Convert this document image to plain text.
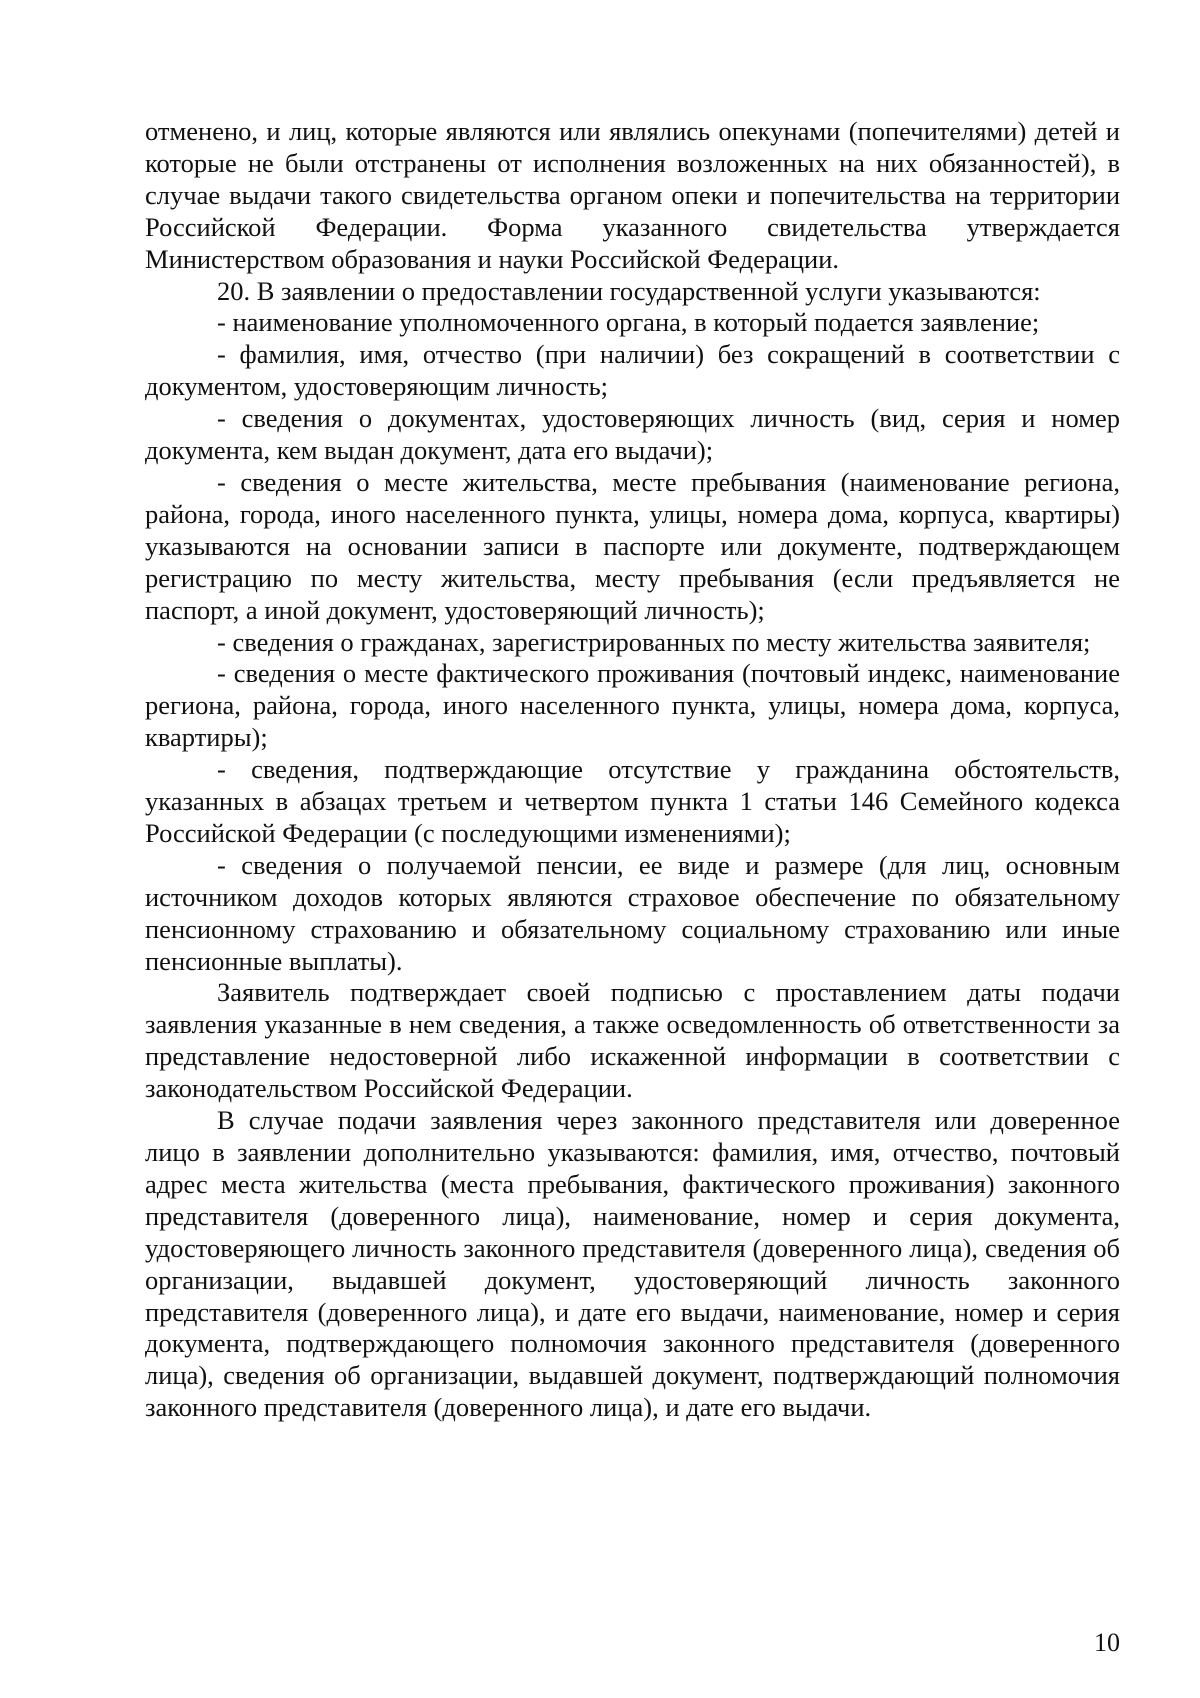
отменено, и лиц, которые являются или являлись опекунами (попечителями) детей и которые не были отстранены от исполнения возложенных на них обязанностей), в случае выдачи такого свидетельства органом опеки и попечительства на территории Российской Федерации. Форма указанного свидетельства утверждается Министерством образования и науки Российской Федерации.

20. В заявлении о предоставлении государственной услуги указываются:

- наименование уполномоченного органа, в который подается заявление;

- фамилия, имя, отчество (при наличии) без сокращений в соответствии с документом, удостоверяющим личность;

- сведения о документах, удостоверяющих личность (вид, серия и номер документа, кем выдан документ, дата его выдачи);

- сведения о месте жительства, месте пребывания (наименование региона, района, города, иного населенного пункта, улицы, номера дома, корпуса, квартиры) указываются на основании записи в паспорте или документе, подтверждающем регистрацию по месту жительства, месту пребывания (если предъявляется не паспорт, а иной документ, удостоверяющий личность);

- сведения о гражданах, зарегистрированных по месту жительства заявителя;

- сведения о месте фактического проживания (почтовый индекс, наименование региона, района, города, иного населенного пункта, улицы, номера дома, корпуса, квартиры);

- сведения, подтверждающие отсутствие у гражданина обстоятельств, указанных в абзацах третьем и четвертом пункта 1 статьи 146 Семейного кодекса Российской Федерации (с последующими изменениями);

- сведения о получаемой пенсии, ее виде и размере (для лиц, основным источником доходов которых являются страховое обеспечение по обязательному пенсионному страхованию и обязательному социальному страхованию или иные пенсионные выплаты).

Заявитель подтверждает своей подписью с проставлением даты подачи заявления указанные в нем сведения, а также осведомленность об ответственности за представление недостоверной либо искаженной информации в соответствии с законодательством Российской Федерации.

В случае подачи заявления через законного представителя или доверенное лицо в заявлении дополнительно указываются: фамилия, имя, отчество, почтовый адрес места жительства (места пребывания, фактического проживания) законного представителя (доверенного лица), наименование, номер и серия документа, удостоверяющего личность законного представителя (доверенного лица), сведения об организации, выдавшей документ, удостоверяющий личность законного представителя (доверенного лица), и дате его выдачи, наименование, номер и серия документа, подтверждающего полномочия законного представителя (доверенного лица), сведения об организации, выдавшей документ, подтверждающий полномочия законного представителя (доверенного лица), и дате его выдачи.

10
